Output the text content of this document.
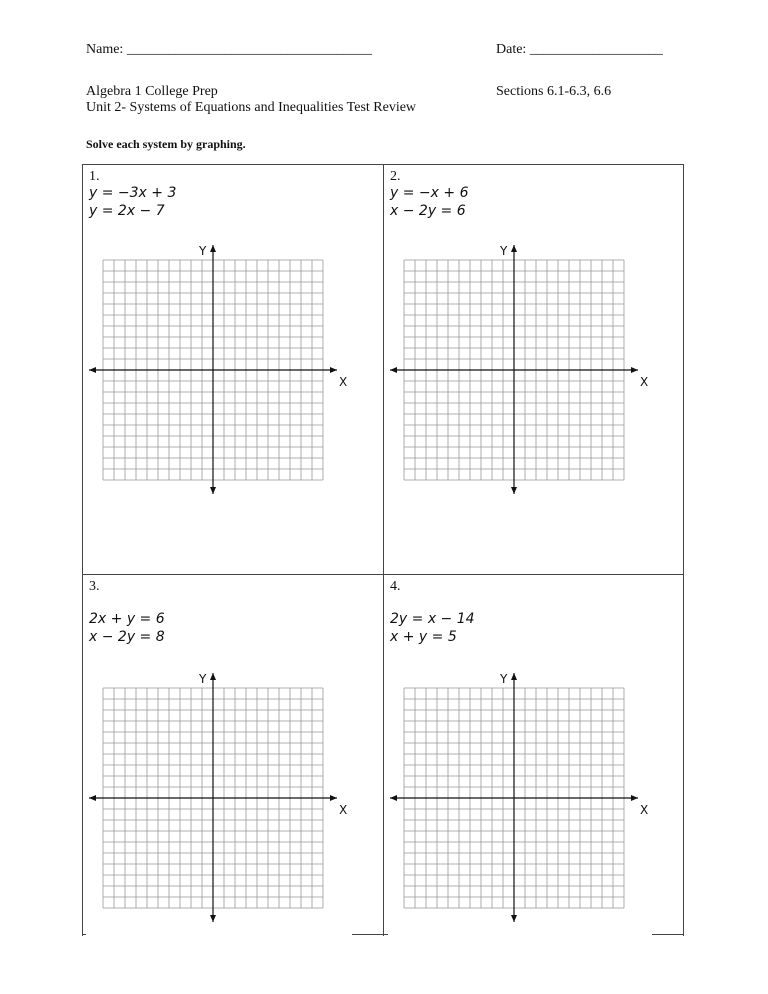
Name: ___________________________________	Date: ___________________
Algebra 1 College Prep	Sections 6.1-6.3, 6.6
Unit 2- Systems of Equations and Inequalities Test Review
Solve each system by graphing.
1.
y = −3x + 3
y = 2x − 7
X
Y
2.
y = −x + 6
x − 2y = 6
X
Y
3.
2x + y = 6
x − 2y = 8
X
Y
4.
2y = x − 14
x + y = 5
X
Y
